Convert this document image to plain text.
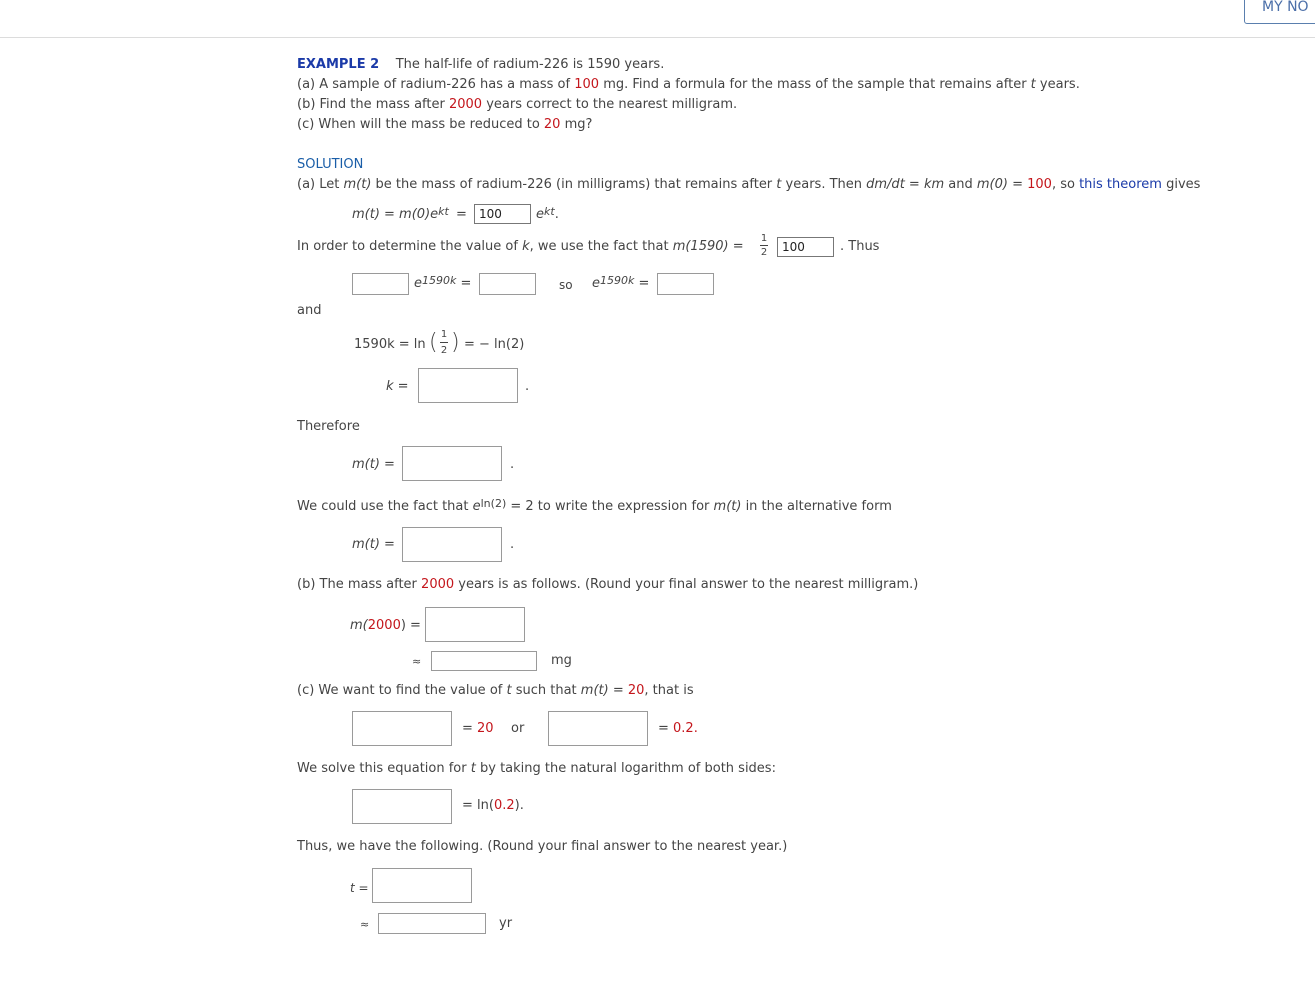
MY NO
EXAMPLE 2 The half-life of radium-226 is 1590 years.
(a) A sample of radium-226 has a mass of 100 mg. Find a formula for the mass of the sample that remains after t years.
(b) Find the mass after 2000 years correct to the nearest milligram.
(c) When will the mass be reduced to 20 mg?
SOLUTION
(a) Let m(t) be the mass of radium-226 (in milligrams) that remains after t years. Then dm/dt = km and m(0) = 100, so this theorem gives
$m(t) = m(0)e^{kt}$ =	100	$e^{kt}$.
In order to determine the value of k, we use the fact that m(1590) =
1
2	100	. Thus
$e^{1590k}$ =	so $e^{1590k}$ =
and
1590k = ln ( 1
2 ) = − ln(2)
k =	.
Therefore
m(t) =	.
We could use the fact that $e^{ln(2)} = 2$ to write the expression for m(t) in the alternative form
m(t) =	.
(b) The mass after 2000 years is as follows. (Round your final answer to the nearest milligram.)
m(2000) =
≈	mg
(c) We want to find the value of t such that m(t) = 20, that is
= 20 or	= 0.2.
We solve this equation for t by taking the natural logarithm of both sides:
= ln(0.2).
Thus, we have the following. (Round your final answer to the nearest year.)
t =
≈	yr
